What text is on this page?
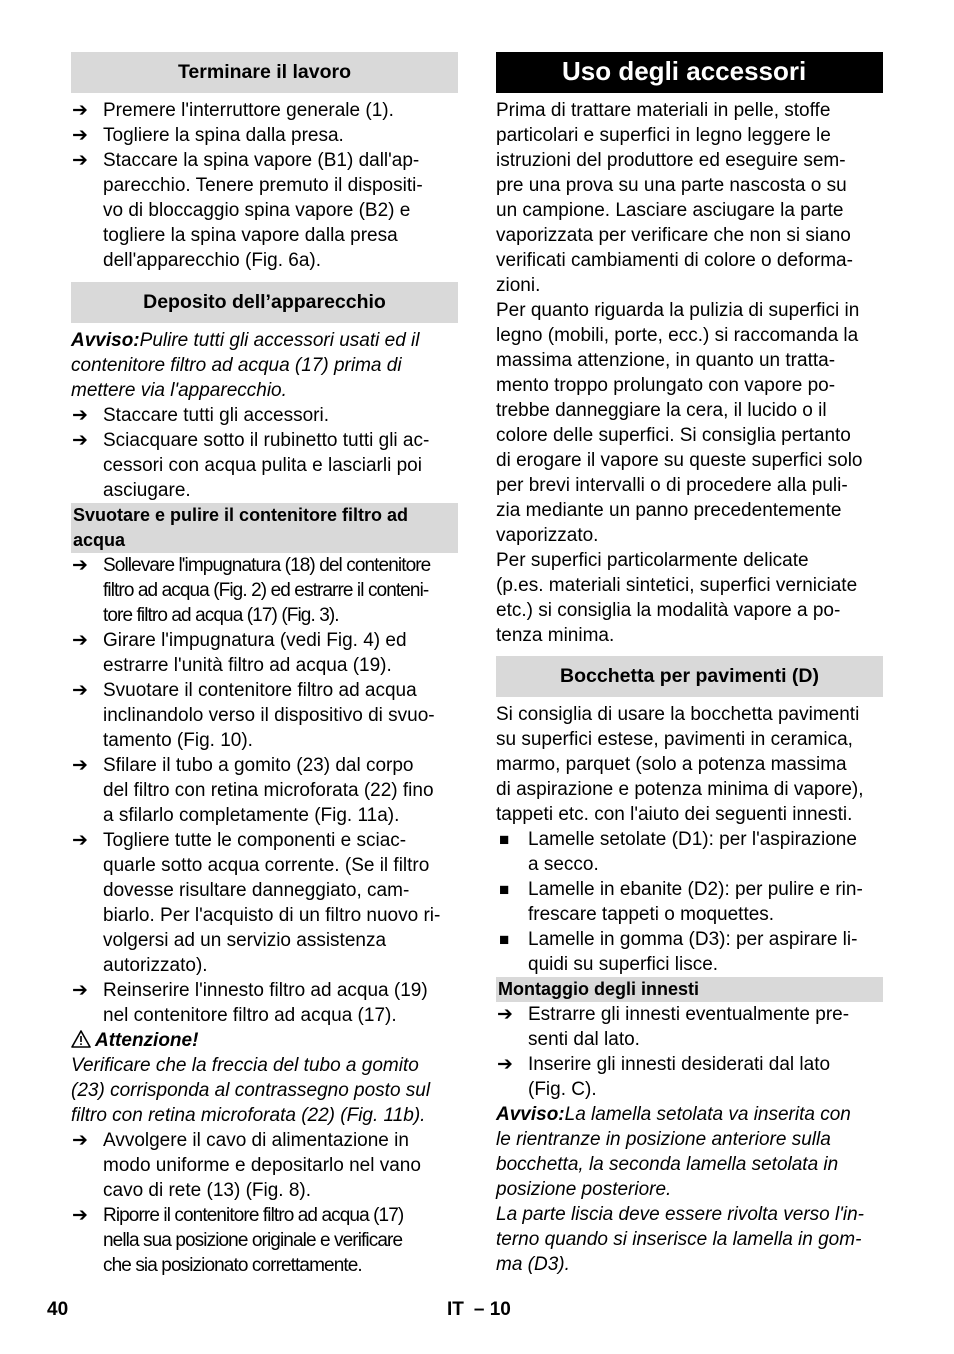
Terminare il lavoro
➔ Premere l'interruttore generale (1).
➔ Togliere la spina dalla presa.
➔ Staccare la spina vapore (B1) dall'ap-
parecchio. Tenere premuto il dispositi-
vo di bloccaggio spina vapore (B2) e
togliere la spina vapore dalla presa
dell'apparecchio (Fig. 6a).
Deposito dell’apparecchio
Avviso:Pulire tutti gli accessori usati ed il
contenitore filtro ad acqua (17) prima di
mettere via l'apparecchio.
➔ Staccare tutti gli accessori.
➔ Sciacquare sotto il rubinetto tutti gli ac-
cessori con acqua pulita e lasciarli poi
asciugare.
Svuotare e pulire il contenitore filtro ad
acqua
➔ Sollevare l'impugnatura (18) del contenitore
filtro ad acqua (Fig. 2) ed estrarre il conteni-
tore filtro ad acqua (17) (Fig. 3).
➔ Girare l'impugnatura (vedi Fig. 4) ed
estrarre l'unità filtro ad acqua (19).
➔ Svuotare il contenitore filtro ad acqua
inclinandolo verso il dispositivo di svuo-
tamento (Fig. 10).
➔ Sfilare il tubo a gomito (23) dal corpo
del filtro con retina microforata (22) fino
a sfilarlo completamente (Fig. 11a).
➔ Togliere tutte le componenti e sciac-
quarle sotto acqua corrente. (Se il filtro
dovesse risultare danneggiato, cam-
biarlo. Per l'acquisto di un filtro nuovo ri-
volgersi ad un servizio assistenza
autorizzato).
➔ Reinserire l'innesto filtro ad acqua (19)
nel contenitore filtro ad acqua (17).
Attenzione!
Verificare che la freccia del tubo a gomito
(23) corrisponda al contrassegno posto sul
filtro con retina microforata (22) (Fig. 11b).
➔ Avvolgere il cavo di alimentazione in
modo uniforme e depositarlo nel vano
cavo di rete (13) (Fig. 8).
➔ Riporre il contenitore filtro ad acqua (17)
nella sua posizione originale e verificare
che sia posizionato correttamente.
Uso degli accessori
Prima di trattare materiali in pelle, stoffe
particolari e superfici in legno leggere le
istruzioni del produttore ed eseguire sem-
pre una prova su una parte nascosta o su
un campione. Lasciare asciugare la parte
vaporizzata per verificare che non si siano
verificati cambiamenti di colore o deforma-
zioni.
Per quanto riguarda la pulizia di superfici in
legno (mobili, porte, ecc.) si raccomanda la
massima attenzione, in quanto un tratta-
mento troppo prolungato con vapore po-
trebbe danneggiare la cera, il lucido o il
colore delle superfici. Si consiglia pertanto
di erogare il vapore su queste superfici solo
per brevi intervalli o di procedere alla puli-
zia mediante un panno precedentemente
vaporizzato.
Per superfici particolarmente delicate
(p.es. materiali sintetici, superfici verniciate
etc.) si consiglia la modalità vapore a po-
tenza minima.
Bocchetta per pavimenti (D)
Si consiglia di usare la bocchetta pavimenti
su superfici estese, pavimenti in ceramica,
marmo, parquet (solo a potenza massima
di aspirazione e potenza minima di vapore),
tappeti etc. con l'aiuto dei seguenti innesti.
■ Lamelle setolate (D1): per l'aspirazione
a secco.
■ Lamelle in ebanite (D2): per pulire e rin-
frescare tappeti o moquettes.
■ Lamelle in gomma (D3): per aspirare li-
quidi su superfici lisce.
Montaggio degli innesti
➔ Estrarre gli innesti eventualmente pre-
senti dal lato.
➔ Inserire gli innesti desiderati dal lato
(Fig. C).
Avviso:La lamella setolata va inserita con
le rientranze in posizione anteriore sulla
bocchetta, la seconda lamella setolata in
posizione posteriore.
La parte liscia deve essere rivolta verso l'in-
terno quando si inserisce la lamella in gom-
ma (D3).
40	IT – 10
